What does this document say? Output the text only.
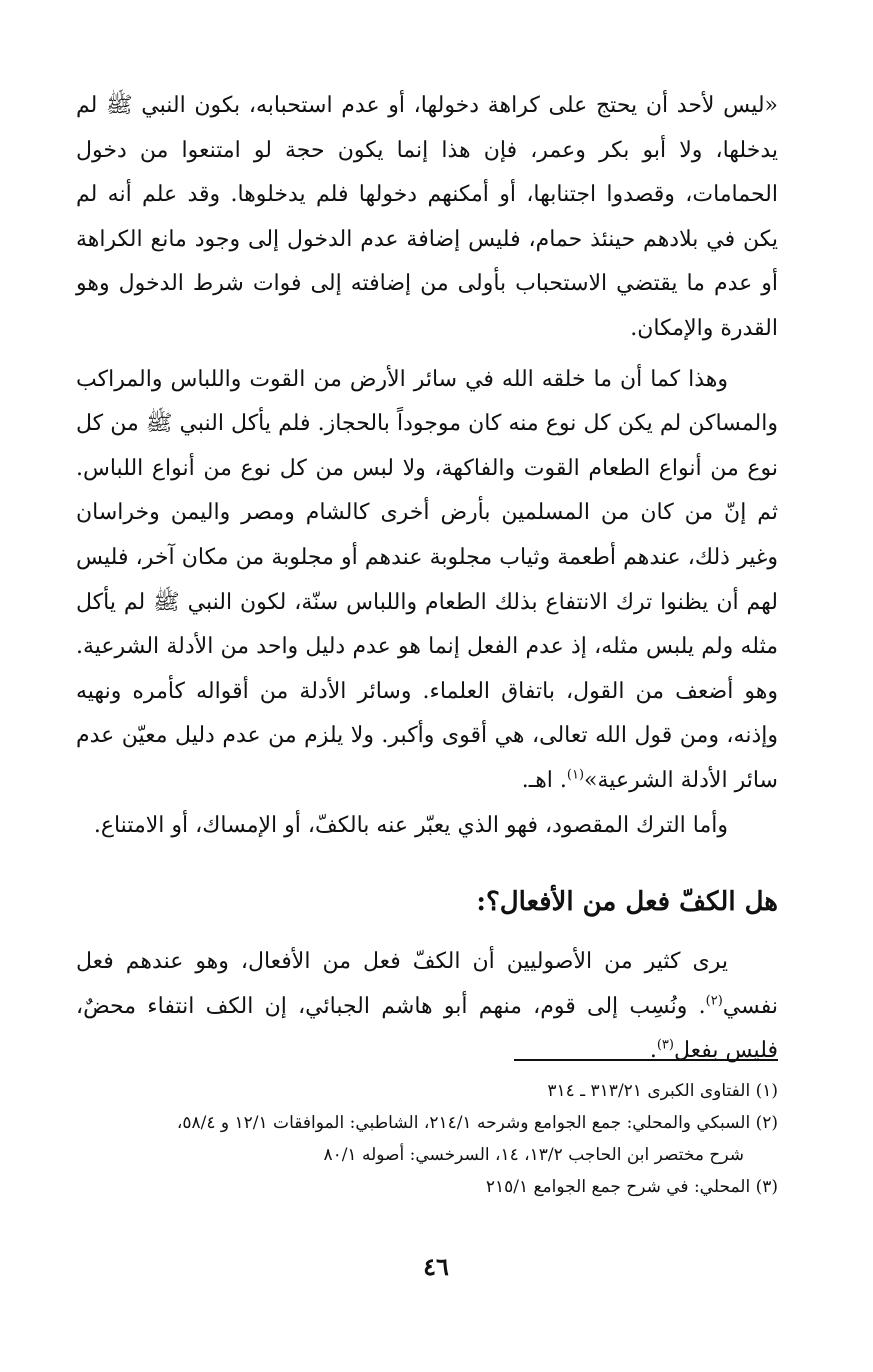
«ليس لأحد أن يحتج على كراهة دخولها، أو عدم استحبابه، بكون النبي ﷺ لم يدخلها، ولا أبو بكر وعمر، فإن هذا إنما يكون حجة لو امتنعوا من دخول الحمامات، وقصدوا اجتنابها، أو أمكنهم دخولها فلم يدخلوها. وقد علم أنه لم يكن في بلادهم حينئذ حمام، فليس إضافة عدم الدخول إلى وجود مانع الكراهة أو عدم ما يقتضي الاستحباب بأولى من إضافته إلى فوات شرط الدخول وهو القدرة والإمكان.

وهذا كما أن ما خلقه الله في سائر الأرض من القوت واللباس والمراكب والمساكن لم يكن كل نوع منه كان موجوداً بالحجاز. فلم يأكل النبي ﷺ من كل نوع من أنواع الطعام القوت والفاكهة، ولا لبس من كل نوع من أنواع اللباس. ثم إنّ من كان من المسلمين بأرض أخرى كالشام ومصر واليمن وخراسان وغير ذلك، عندهم أطعمة وثياب مجلوبة عندهم أو مجلوبة من مكان آخر، فليس لهم أن يظنوا ترك الانتفاع بذلك الطعام واللباس سنّة، لكون النبي ﷺ لم يأكل مثله ولم يلبس مثله، إذ عدم الفعل إنما هو عدم دليل واحد من الأدلة الشرعية. وهو أضعف من القول، باتفاق العلماء. وسائر الأدلة من أقواله كأمره ونهيه وإذنه، ومن قول الله تعالى، هي أقوى وأكبر. ولا يلزم من عدم دليل معيّن عدم سائر الأدلة الشرعية»$^{(١)}$. اهـ.

وأما الترك المقصود، فهو الذي يعبّر عنه بالكفّ، أو الإمساك، أو الامتناع.

هل الكفّ فعل من الأفعال؟:

يرى كثير من الأصوليين أن الكفّ فعل من الأفعال، وهو عندهم فعل نفسي$^{(٢)}$. ونُسِب إلى قوم، منهم أبو هاشم الجبائي، إن الكف انتفاء محضٌ، فليس بفعل$^{(٣)}$.

(١) الفتاوى الكبرى ٣١٣/٢١ ـ ٣١٤

(٢) السبكي والمحلي: جمع الجوامع وشرحه ٢١٤/١، الشاطبي: الموافقات ١٢/١ و ٥٨/٤،

شرح مختصر ابن الحاجب ١٣/٢، ١٤، السرخسي: أصوله ٨٠/١

(٣) المحلي: في شرح جمع الجوامع ٢١٥/١

٤٦
